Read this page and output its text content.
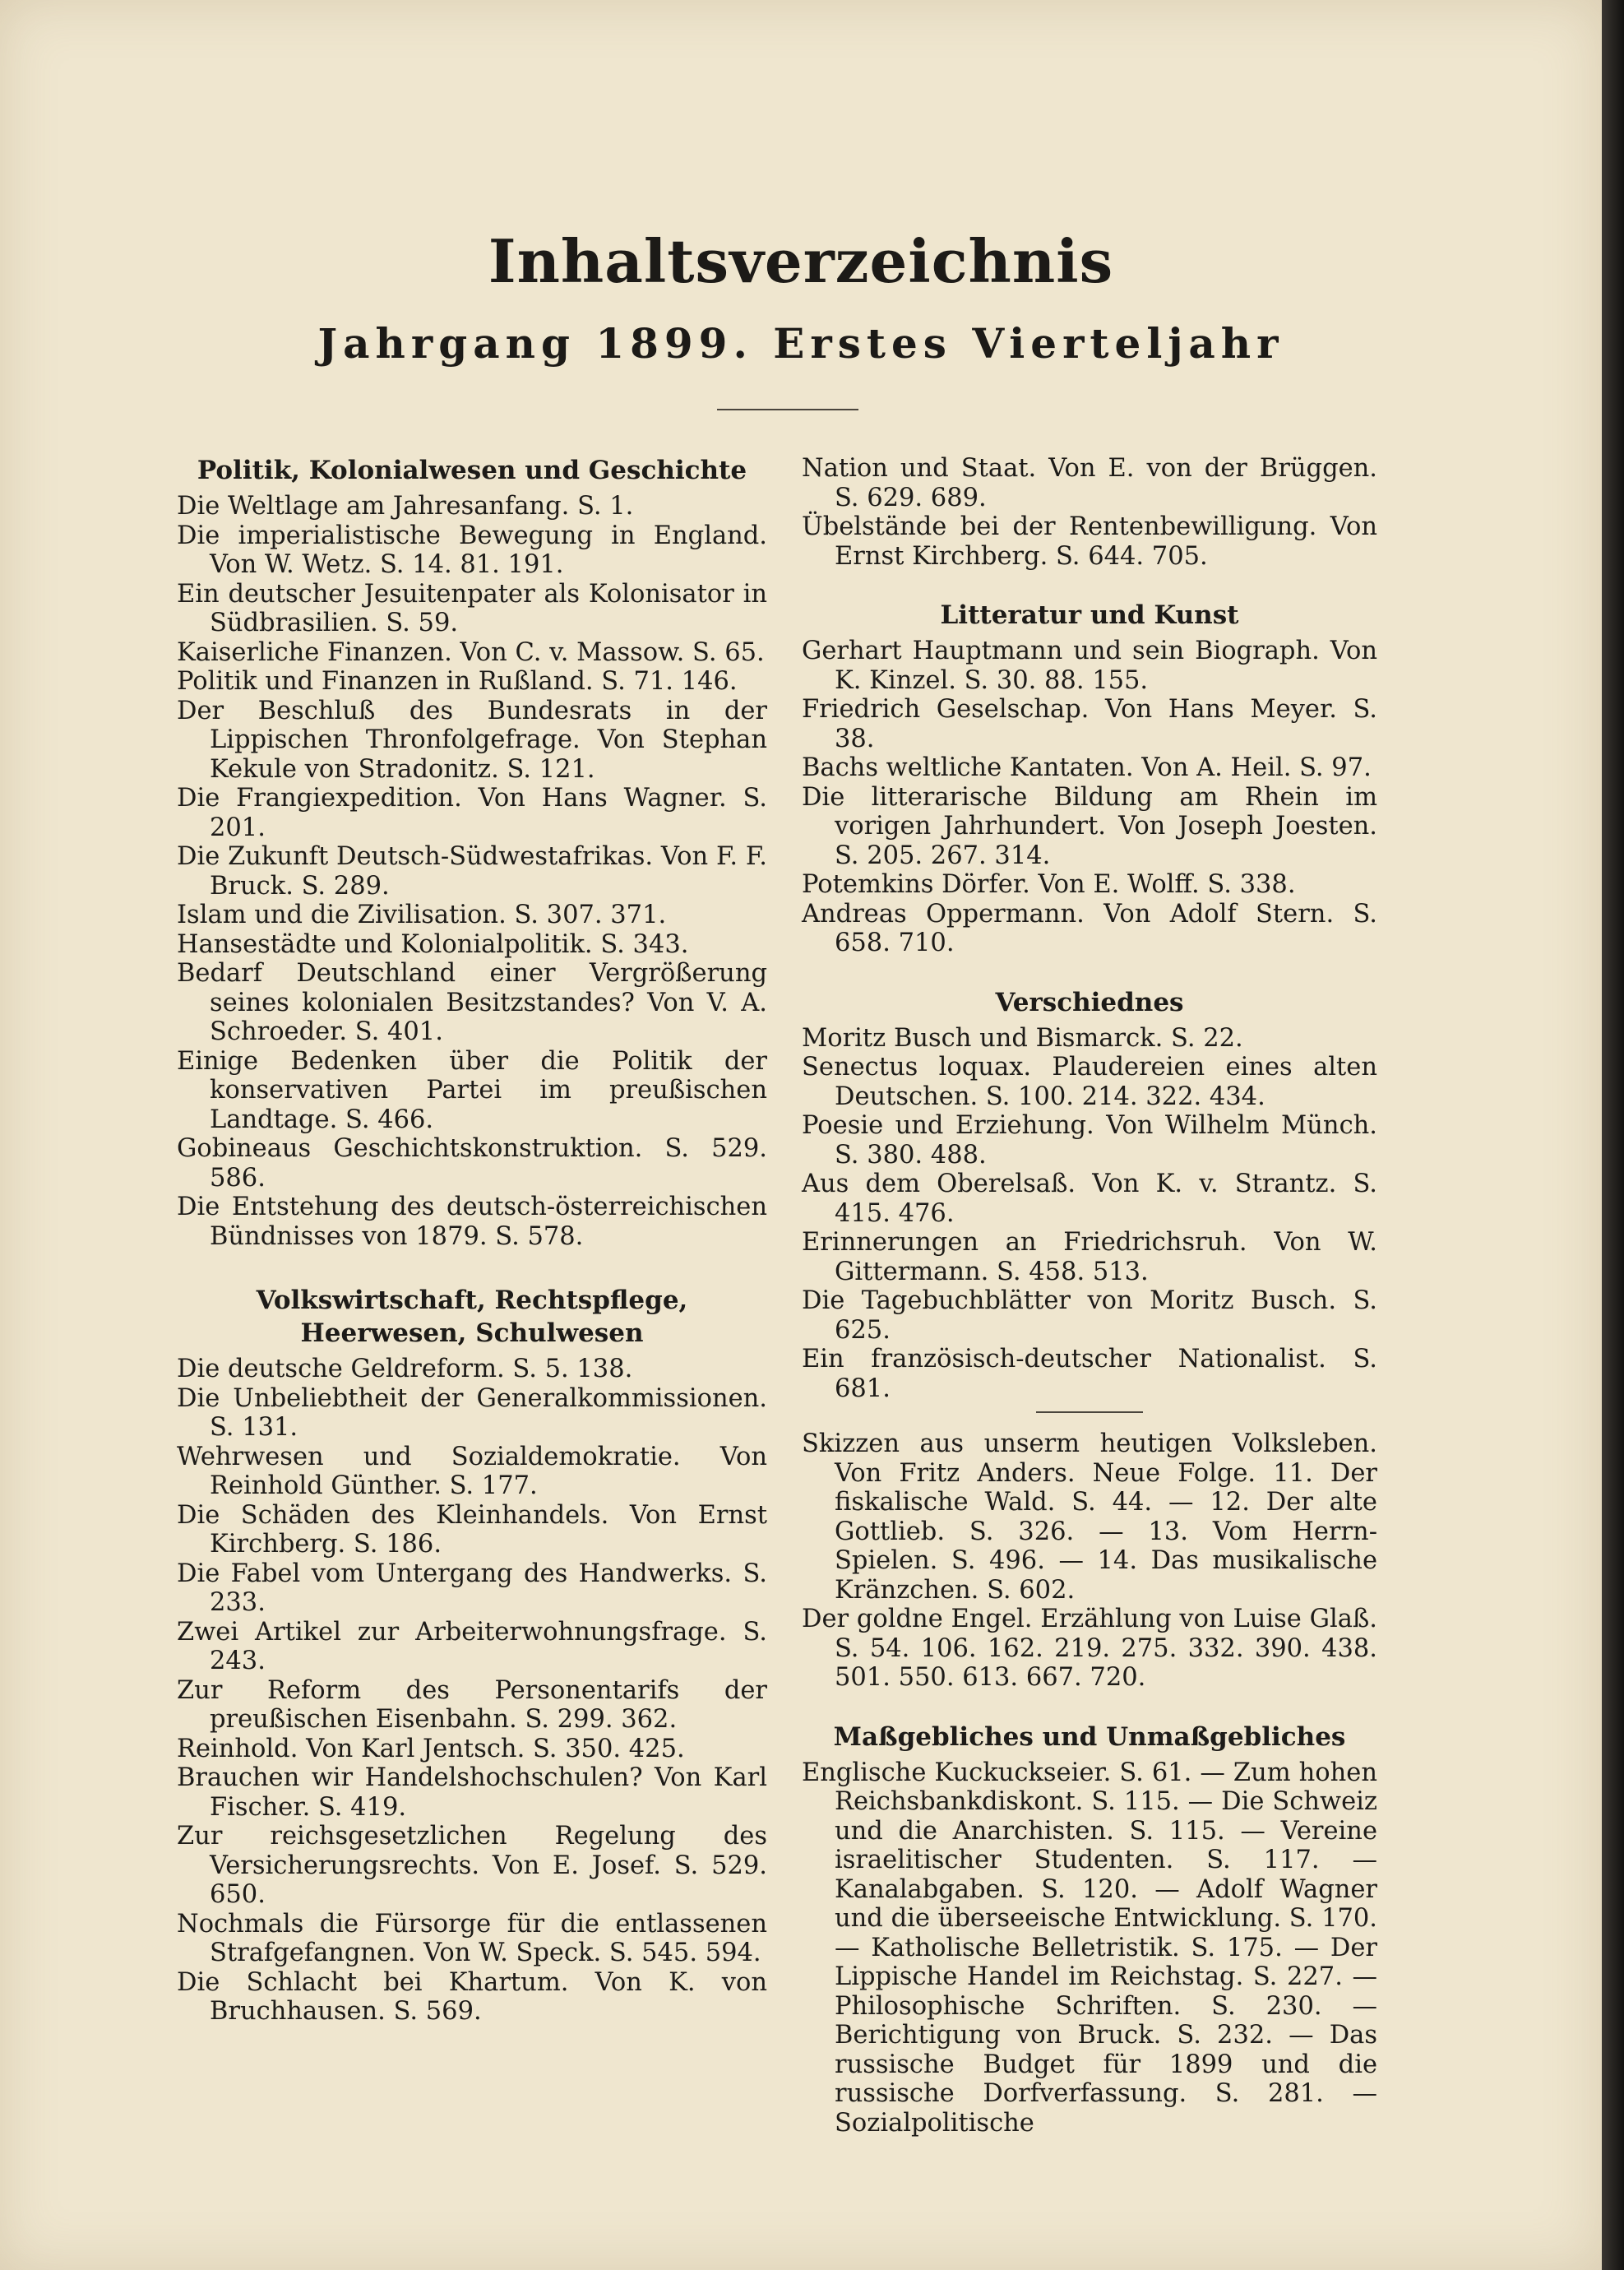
Inhaltsverzeichnis
Jahrgang 1899. Erstes Vierteljahr
Politik, Kolonialwesen und Geschichte

Die Weltlage am Jahresanfang. S. 1.

Die imperialistische Bewegung in England. Von W. Wetz. S. 14. 81. 191.

Ein deutscher Jesuitenpater als Kolonisator in Südbrasilien. S. 59.

Kaiserliche Finanzen. Von C. v. Massow. S. 65.

Politik und Finanzen in Rußland. S. 71. 146.

Der Beschluß des Bundesrats in der Lippischen Thronfolgefrage. Von Stephan Kekule von Stradonitz. S. 121.

Die Frangiexpedition. Von Hans Wagner. S. 201.

Die Zukunft Deutsch-Südwestafrikas. Von F. F. Bruck. S. 289.

Islam und die Zivilisation. S. 307. 371.

Hansestädte und Kolonialpolitik. S. 343.

Bedarf Deutschland einer Vergrößerung seines kolonialen Besitzstandes? Von V. A. Schroeder. S. 401.

Einige Bedenken über die Politik der konservativen Partei im preußischen Landtage. S. 466.

Gobineaus Geschichtskonstruktion. S. 529. 586.

Die Entstehung des deutsch-österreichischen Bündnisses von 1879. S. 578.

Volkswirtschaft, Rechtspflege, Heerwesen, Schulwesen

Die deutsche Geldreform. S. 5. 138.

Die Unbeliebtheit der Generalkommissionen. S. 131.

Wehrwesen und Sozialdemokratie. Von Reinhold Günther. S. 177.

Die Schäden des Kleinhandels. Von Ernst Kirchberg. S. 186.

Die Fabel vom Untergang des Handwerks. S. 233.

Zwei Artikel zur Arbeiterwohnungsfrage. S. 243.

Zur Reform des Personentarifs der preußischen Eisenbahn. S. 299. 362.

Reinhold. Von Karl Jentsch. S. 350. 425.

Brauchen wir Handelshochschulen? Von Karl Fischer. S. 419.

Zur reichsgesetzlichen Regelung des Versicherungsrechts. Von E. Josef. S. 529. 650.

Nochmals die Fürsorge für die entlassenen Strafgefangnen. Von W. Speck. S. 545. 594.

Die Schlacht bei Khartum. Von K. von Bruchhausen. S. 569.

Nation und Staat. Von E. von der Brüggen. S. 629. 689.

Übelstände bei der Rentenbewilligung. Von Ernst Kirchberg. S. 644. 705.

Litteratur und Kunst

Gerhart Hauptmann und sein Biograph. Von K. Kinzel. S. 30. 88. 155.

Friedrich Geselschap. Von Hans Meyer. S. 38.

Bachs weltliche Kantaten. Von A. Heil. S. 97.

Die litterarische Bildung am Rhein im vorigen Jahrhundert. Von Joseph Joesten. S. 205. 267. 314.

Potemkins Dörfer. Von E. Wolff. S. 338.

Andreas Oppermann. Von Adolf Stern. S. 658. 710.

Verschiednes

Moritz Busch und Bismarck. S. 22.

Senectus loquax. Plaudereien eines alten Deutschen. S. 100. 214. 322. 434.

Poesie und Erziehung. Von Wilhelm Münch. S. 380. 488.

Aus dem Oberelsaß. Von K. v. Strantz. S. 415. 476.

Erinnerungen an Friedrichsruh. Von W. Gittermann. S. 458. 513.

Die Tagebuchblätter von Moritz Busch. S. 625.

Ein französisch-deutscher Nationalist. S. 681.

Skizzen aus unserm heutigen Volksleben. Von Fritz Anders. Neue Folge. 11. Der fiskalische Wald. S. 44. — 12. Der alte Gottlieb. S. 326. — 13. Vom Herrn-Spielen. S. 496. — 14. Das musikalische Kränzchen. S. 602.

Der goldne Engel. Erzählung von Luise Glaß. S. 54. 106. 162. 219. 275. 332. 390. 438. 501. 550. 613. 667. 720.

Maßgebliches und Unmaßgebliches

Englische Kuckuckseier. S. 61. — Zum hohen Reichsbankdiskont. S. 115. — Die Schweiz und die Anarchisten. S. 115. — Vereine israelitischer Studenten. S. 117. — Kanalabgaben. S. 120. — Adolf Wagner und die überseeische Entwicklung. S. 170. — Katholische Belletristik. S. 175. — Der Lippische Handel im Reichstag. S. 227. — Philosophische Schriften. S. 230. — Berichtigung von Bruck. S. 232. — Das russische Budget für 1899 und die russische Dorfverfassung. S. 281. — Sozialpolitische
